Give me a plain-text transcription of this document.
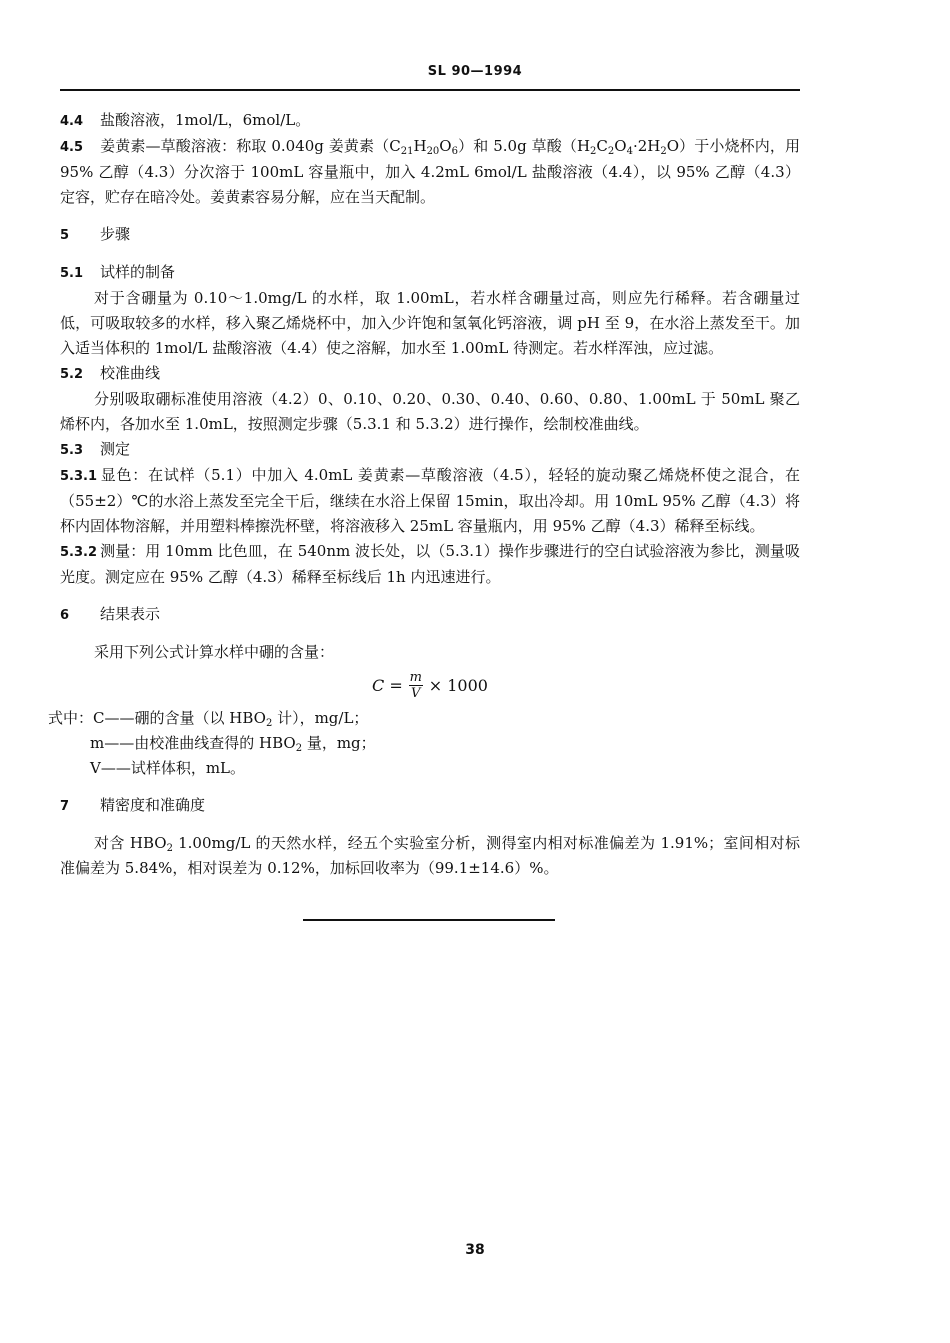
SL 90—1994

4.4 盐酸溶液，1mol/L，6mol/L。

4.5 姜黄素—草酸溶液：称取 0.040g 姜黄素$(C_{21}H_{20}O_6)$和 5.0g 草酸$(H_2C_2O_4\cdot 2H_2O)$于小烧杯内，用 95% 乙醇（4.3）分次溶于 100mL 容量瓶中，加入 4.2mL 6mol/L 盐酸溶液（4.4），以 95% 乙醇（4.3）定容，贮存在暗冷处。姜黄素容易分解，应在当天配制。

5 步骤

5.1 试样的制备

对于含硼量为 0.10～1.0mg/L 的水样，取 1.00mL，若水样含硼量过高，则应先行稀释。若含硼量过低，可吸取较多的水样，移入聚乙烯烧杯中，加入少许饱和氢氧化钙溶液，调 pH 至 9，在水浴上蒸发至干。加入适当体积的 1mol/L 盐酸溶液（4.4）使之溶解，加水至 1.00mL 待测定。若水样浑浊，应过滤。

5.2 校准曲线

分别吸取硼标准使用溶液（4.2）0、0.10、0.20、0.30、0.40、0.60、0.80、1.00mL 于 50mL 聚乙烯杯内，各加水至 1.0mL，按照测定步骤（5.3.1 和 5.3.2）进行操作，绘制校准曲线。

5.3 测定

5.3.1 显色：在试样（5.1）中加入 4.0mL 姜黄素—草酸溶液（4.5），轻轻的旋动聚乙烯烧杯使之混合，在（55±2）℃的水浴上蒸发至完全干后，继续在水浴上保留 15min，取出冷却。用 10mL 95% 乙醇（4.3）将杯内固体物溶解，并用塑料棒擦洗杯壁，将溶液移入 25mL 容量瓶内，用 95% 乙醇（4.3）稀释至标线。

5.3.2 测量：用 10mm 比色皿，在 540nm 波长处，以（5.3.1）操作步骤进行的空白试验溶液为参比，测量吸光度。测定应在 95% 乙醇（4.3）稀释至标线后 1h 内迅速进行。

6 结果表示

采用下列公式计算水样中硼的含量：

$C = \frac{m}{V} \times 1000$

式中：C——硼的含量（以 $HBO_2$ 计），mg/L；

m——由校准曲线查得的 $HBO_2$ 量，mg；

V——试样体积，mL。

7 精密度和准确度

对含 $HBO_2$ 1.00mg/L 的天然水样，经五个实验室分析，测得室内相对标准偏差为 1.91%；室间相对标准偏差为 5.84%，相对误差为 0.12%，加标回收率为（99.1±14.6）%。

38
